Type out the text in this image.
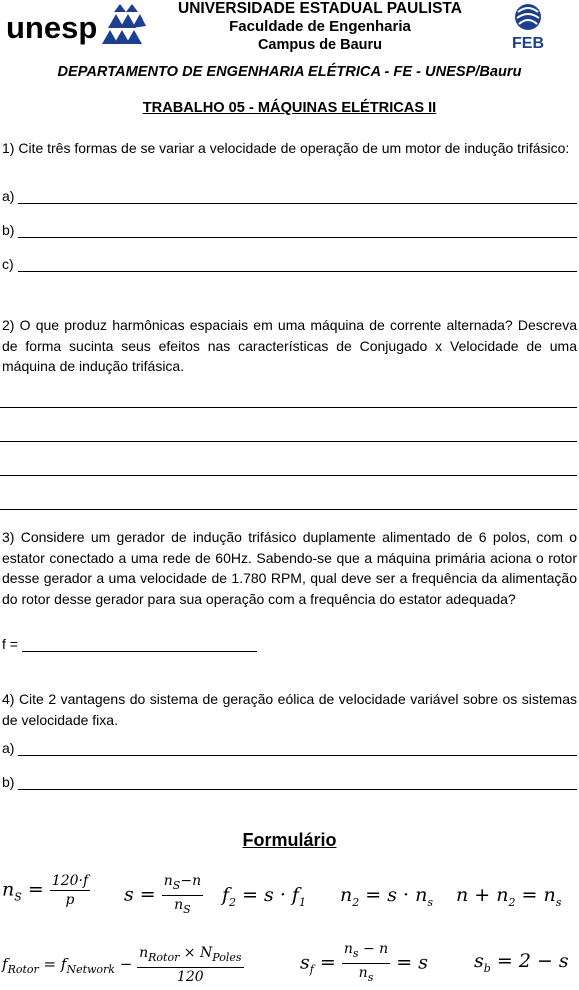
unesp
UNIVERSIDADE ESTADUAL PAULISTA
Faculdade de Engenharia
Campus de Bauru	FEB
DEPARTAMENTO DE ENGENHARIA ELÉTRICA - FE - UNESP/Bauru
TRABALHO 05 - MÁQUINAS ELÉTRICAS II
1) Cite três formas de se variar a velocidade de operação de um motor de indução trifásico:
a)
b)
c)
2) O que produz harmônicas espaciais em uma máquina de corrente alternada? Descreva de forma sucinta seus efeitos nas características de Conjugado x Velocidade de uma máquina de indução trifásica.
3) Considere um gerador de indução trifásico duplamente alimentado de 6 polos, com o estator conectado a uma rede de 60Hz. Sabendo-se que a máquina primária aciona o rotor desse gerador a uma velocidade de 1.780 RPM, qual deve ser a frequência da alimentação do rotor desse gerador para sua operação com a frequência do estator adequada?
f =
4) Cite 2 vantagens do sistema de geração eólica de velocidade variável sobre os sistemas de velocidade fixa.
a)
b)
Formulário
$n_S = \frac{120\cdot f}{p}$ $s = \frac{n_S-n}{n_S} f_2 = s \cdot f_1$ $n_2 = s \cdot n_s$ $n + n_2 = n_s$
$f_{Rotor} = f_{Network} - \frac{n_{Rotor} \times N_{Poles}}{120}$	$s_f = \frac{n_s - n}{n_s} = s$ $s_b = 2 - s$
